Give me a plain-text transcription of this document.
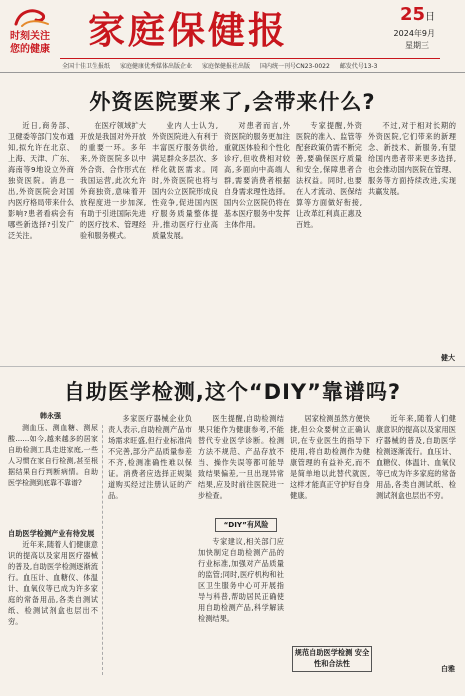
时刻关注
您的健康	家庭保健报	25日
2024年9月
星期三
全国十佳卫生报纸 家庭健康优秀媒体出版企业 家庭保健报社出版 国内统一刊号CN23-0022 邮发代号13-3
外资医院要来了,会带来什么?

近日,商务部、卫健委等部门发布通知,拟允许在北京、上海、天津、广东、海南等9地设立外商独资医院。消息一出,外资医院会对国内医疗格局带来什么影响?患者看病会有哪些新选择?引发广泛关注。

在医疗领域扩大开放是我国对外开放的重要一环。多年来,外资医院多以中外合资、合作形式在我国运营,此次允许外商独资,意味着开放程度进一步加深,有助于引进国际先进的医疗技术、管理经验和服务模式。

业内人士认为,外资医院进入有利于丰富医疗服务供给,满足群众多层次、多样化就医需求。同时,外资医院也将与国内公立医院形成良性竞争,促进国内医疗服务质量整体提升,推动医疗行业高质量发展。

对患者而言,外资医院的服务更加注重就医体验和个性化诊疗,但收费相对较高,多面向中高端人群,需要消费者根据自身需求理性选择。国内公立医院仍将在基本医疗服务中发挥主体作用。

专家提醒,外资医院的准入、监管等配套政策仍需不断完善,要确保医疗质量和安全,保障患者合法权益。同时,也要在人才流动、医保结算等方面做好衔接,让改革红利真正惠及百姓。

不过,对于相对长期的外资医院,它们带来的新理念、新技术、新服务,有望给国内患者带来更多选择,也会推动国内医院在管理、服务等方面持续改进,实现共赢发展。

健大
自助医学检测,这个“DIY”靠谱吗?
韩永强

测血压、测血糖、测尿酸……如今,越来越多的居家自助检测工具走进家庭,一些人习惯在家自行检测,甚至根据结果自行判断病情。自助医学检测到底靠不靠谱?

自助医学检测产业有待发展

近年来,随着人们健康意识的提高以及家用医疗器械的普及,自助医学检测逐渐流行。血压计、血糖仪、体温计、血氧仪等已成为许多家庭的常备用品,各类自测试纸、检测试剂盒也层出不穷。

多家医疗器械企业负责人表示,自助检测产品市场需求旺盛,但行业标准尚不完善,部分产品质量参差不齐,检测准确性难以保证。消费者应选择正规渠道购买经过注册认证的产品。

医生提醒,自助检测结果只能作为健康参考,不能替代专业医学诊断。检测方法不规范、产品存放不当、操作失误等都可能导致结果偏差,一旦出现异常结果,应及时前往医院进一步检查。

“DIY”有风险

专家建议,相关部门应加快制定自助检测产品的行业标准,加强对产品质量的监管;同时,医疗机构和社区卫生服务中心可开展指导与科普,帮助居民正确使用自助检测产品,科学解读检测结果。

居家检测虽然方便快捷,但公众要树立正确认识,在专业医生的指导下使用,将自助检测作为健康管理的有益补充,而不是简单地以此替代就医,这样才能真正守护好自身健康。

规范自助医学检测 安全性和合法性

近年来,随着人们健康意识的提高以及家用医疗器械的普及,自助医学检测逐渐流行。血压计、血糖仪、体温计、血氧仪等已成为许多家庭的常备用品,各类自测试纸、检测试剂盒也层出不穷。

白雅
